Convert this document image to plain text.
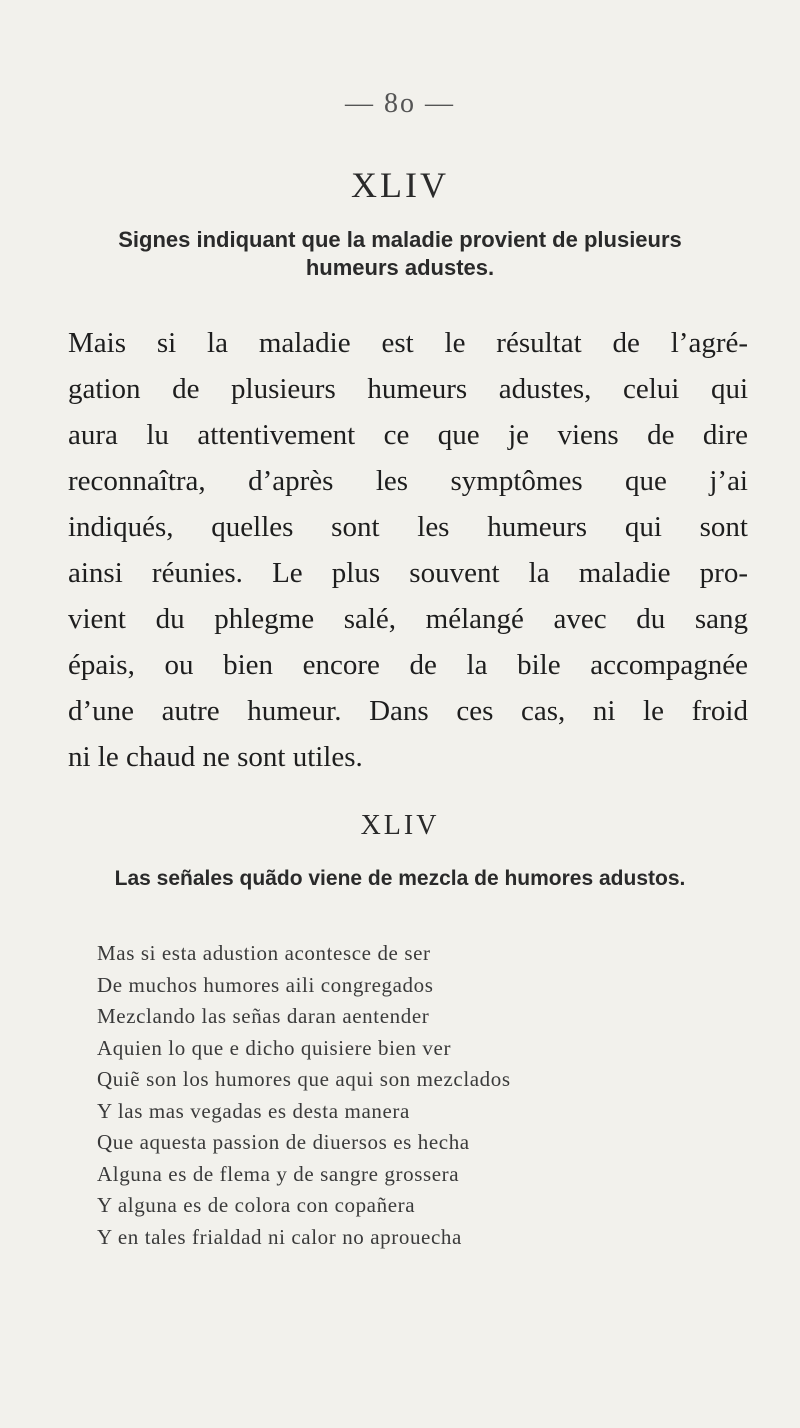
— 8o —
XLIV
Signes indiquant que la maladie provient de plusieurs
humeurs adustes.
Mais si la maladie est le résultat de l’agré-
gation de plusieurs humeurs adustes, celui qui
aura lu attentivement ce que je viens de dire
reconnaîtra, d’après les symptômes que j’ai
indiqués, quelles sont les humeurs qui sont
ainsi réunies. Le plus souvent la maladie pro-
vient du phlegme salé, mélangé avec du sang
épais, ou bien encore de la bile accompagnée
d’une autre humeur. Dans ces cas, ni le froid
ni le chaud ne sont utiles.
XLIV
Las señales quãdo viene de mezcla de humores adustos.
Mas si esta adustion acontesce de ser
De muchos humores aili congregados
Mezclando las señas daran aentender
Aquien lo que e dicho quisiere bien ver
Quiẽ son los humores que aqui son mezclados
Y las mas vegadas es desta manera
Que aquesta passion de diuersos es hecha
Alguna es de flema y de sangre grossera
Y alguna es de colora con copañera
Y en tales frialdad ni calor no aprouecha
